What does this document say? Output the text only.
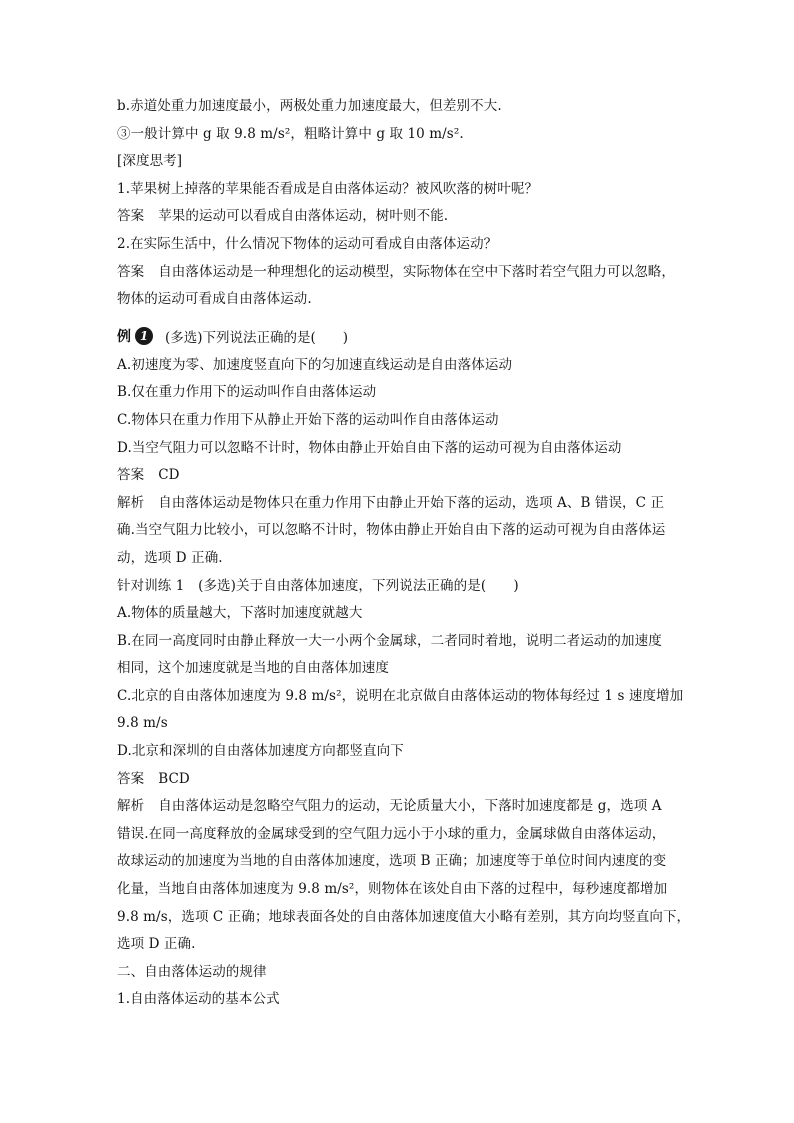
b.赤道处重力加速度最小，两极处重力加速度最大，但差别不大.
③一般计算中 g 取 9.8 m/s²，粗略计算中 g 取 10 m/s².
[深度思考]
1.苹果树上掉落的苹果能否看成是自由落体运动？被风吹落的树叶呢？
答案 苹果的运动可以看成自由落体运动，树叶则不能.
2.在实际生活中，什么情况下物体的运动可看成自由落体运动？
答案 自由落体运动是一种理想化的运动模型，实际物体在空中下落时若空气阻力可以忽略，
物体的运动可看成自由落体运动.
例 1	(多选)下列说法正确的是(　　)
A.初速度为零、加速度竖直向下的匀加速直线运动是自由落体运动
B.仅在重力作用下的运动叫作自由落体运动
C.物体只在重力作用下从静止开始下落的运动叫作自由落体运动
D.当空气阻力可以忽略不计时，物体由静止开始自由下落的运动可视为自由落体运动
答案 CD
解析 自由落体运动是物体只在重力作用下由静止开始下落的运动，选项 A、B 错误，C 正
确.当空气阻力比较小，可以忽略不计时，物体由静止开始自由下落的运动可视为自由落体运
动，选项 D 正确.
针对训练 1　(多选)关于自由落体加速度，下列说法正确的是(　　)
A.物体的质量越大，下落时加速度就越大
B.在同一高度同时由静止释放一大一小两个金属球，二者同时着地，说明二者运动的加速度
相同，这个加速度就是当地的自由落体加速度
C.北京的自由落体加速度为 9.8 m/s²，说明在北京做自由落体运动的物体每经过 1 s 速度增加
9.8 m/s
D.北京和深圳的自由落体加速度方向都竖直向下
答案 BCD
解析 自由落体运动是忽略空气阻力的运动，无论质量大小，下落时加速度都是 g，选项 A
错误.在同一高度释放的金属球受到的空气阻力远小于小球的重力，金属球做自由落体运动，
故球运动的加速度为当地的自由落体加速度，选项 B 正确；加速度等于单位时间内速度的变
化量，当地自由落体加速度为 9.8 m/s²，则物体在该处自由下落的过程中，每秒速度都增加
9.8 m/s，选项 C 正确；地球表面各处的自由落体加速度值大小略有差别，其方向均竖直向下，
选项 D 正确.
二、自由落体运动的规律
1.自由落体运动的基本公式
